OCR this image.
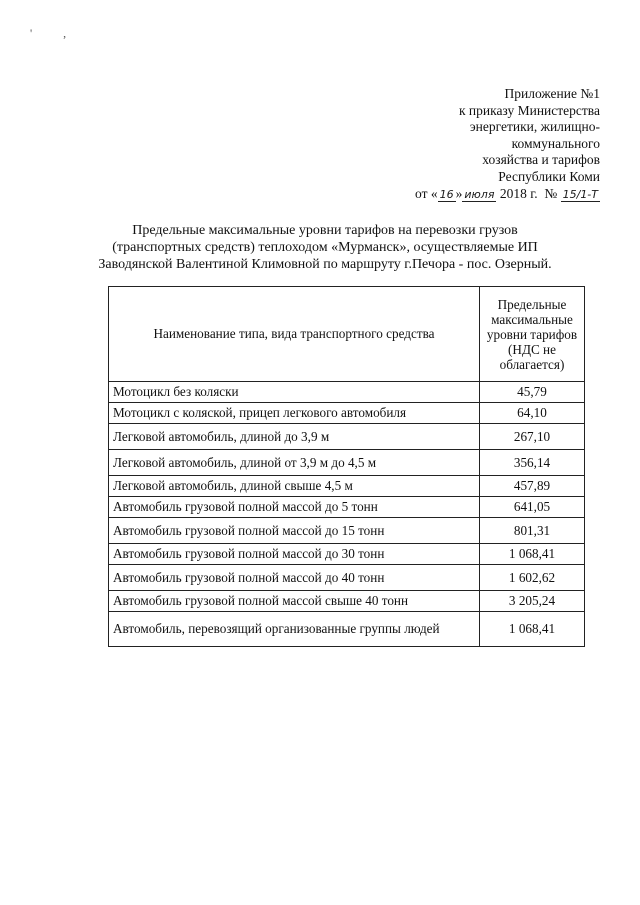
' ,
Приложение №1
к приказу Министерства
энергетики, жилищно-
коммунального
хозяйства и тарифов
Республики Коми
от « 16 » июля 2018 г. № 15/1-Т
Предельные максимальные уровни тарифов на перевозки грузов
(транспортных средств) теплоходом «Мурманск», осуществляемые ИП
Заводянской Валентиной Климовной по маршруту г.Печора - пос. Озерный.
Наименование типа, вида транспортного средства	Предельные
максимальные
уровни тарифов
(НДС не
облагается)

Мотоцикл без коляски	45,79
Мотоцикл с коляской, прицеп легкового автомобиля	64,10
Легковой автомобиль, длиной до 3,9 м	267,10
Легковой автомобиль, длиной от 3,9 м до 4,5 м	356,14
Легковой автомобиль, длиной свыше 4,5 м	457,89
Автомобиль грузовой полной массой до 5 тонн	641,05
Автомобиль грузовой полной массой до 15 тонн	801,31
Автомобиль грузовой полной массой до 30 тонн	1 068,41
Автомобиль грузовой полной массой до 40 тонн	1 602,62
Автомобиль грузовой полной массой свыше 40 тонн	3 205,24
Автомобиль, перевозящий организованные группы людей	1 068,41
